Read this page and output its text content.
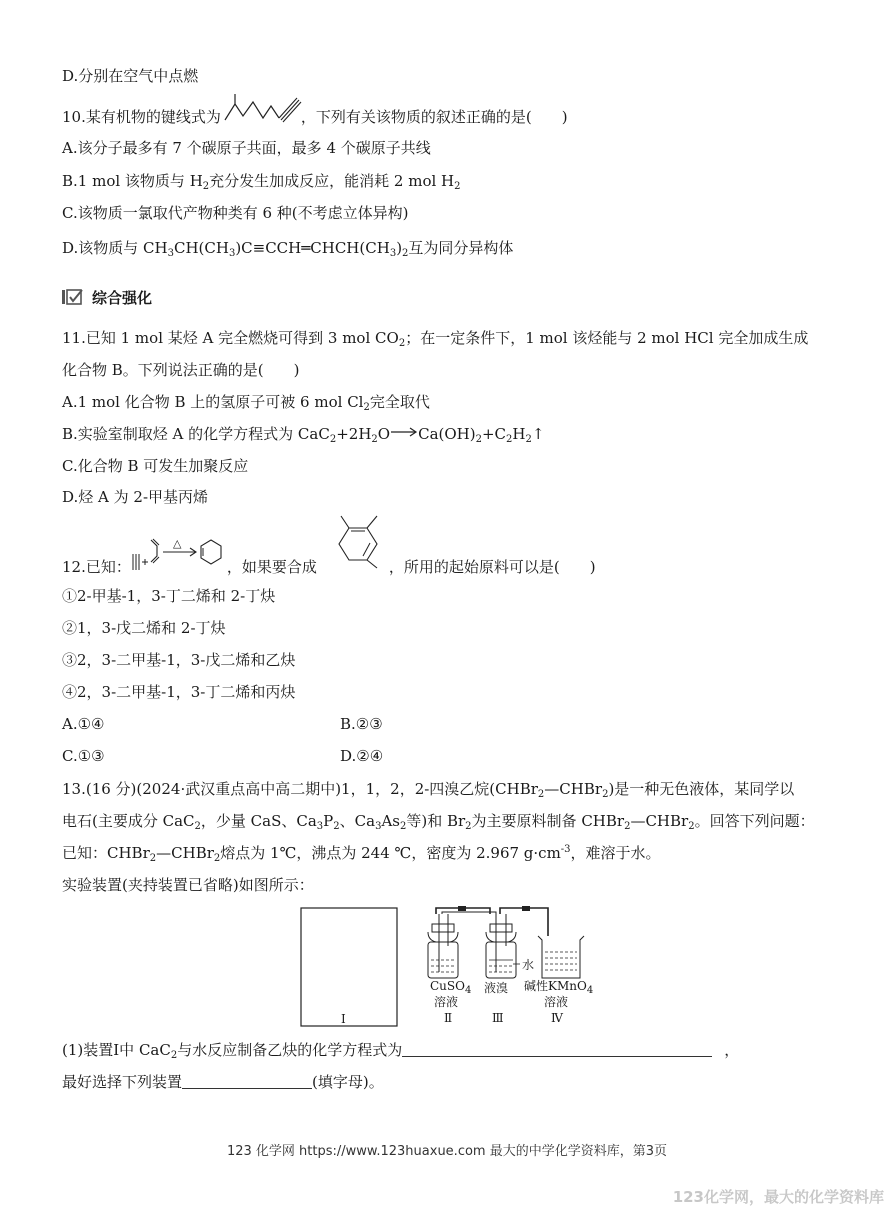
D.分别在空气中点燃
10.某有机物的键线式为	，下列有关该物质的叙述正确的是(　　)
A.该分子最多有 7 个碳原子共面，最多 4 个碳原子共线
B.1 mol 该物质与 $H_2$充分发生加成反应，能消耗 2 mol $H_2$
C.该物质一氯取代产物种类有 6 种(不考虑立体异构)
D.该物质与 $CH_3CH(CH_3)C\equiv CCH═CHCH(CH_3)_2$互为同分异构体
综合强化
11.已知 1 mol 某烃 A 完全燃烧可得到 3 mol $CO_2$；在一定条件下，1 mol 该烃能与 2 mol HCl 完全加成生成
化合物 B。下列说法正确的是(　　)
A.1 mol 化合物 B 上的氢原子可被 6 mol $Cl_2$完全取代
B.实验室制取烃 A 的化学方程式为 $CaC_2+2H_2O\to Ca(OH)_2+C_2H_2↑$
C.化合物 B 可发生加聚反应
D.烃 A 为 2-甲基丙烯
12.已知：
△
，如果要合成	，所用的起始原料可以是(　　)
①2-甲基-1，3-丁二烯和 2-丁炔
②1，3-戊二烯和 2-丁炔
③2，3-二甲基-1，3-戊二烯和乙炔
④2，3-二甲基-1，3-丁二烯和丙炔
A.①④	B.②③
C.①③	D.②④
13.(16 分)(2024·武汉重点高中高二期中)1，1，2，2-四溴乙烷(CHBr$_2$—CHBr$_2$)是一种无色液体，某同学以
电石(主要成分 CaC$_2$，少量 CaS、$Ca_3P_2$、$Ca_3As_2$等)和 $Br_2$为主要原料制备 CHBr$_2$—CHBr$_2$。回答下列问题：
已知：CHBr$_2$—CHBr$_2$熔点为 1℃，沸点为 244 ℃，密度为 2.967 $g\cdot cm^{-3}$，难溶于水。
实验装置(夹持装置已省略)如图所示：
Ⅰ
CuSO$_4$
溶液
Ⅱ
液溴
水
Ⅲ
碱性KMnO$_4$
溶液
Ⅳ
(1)装置Ⅰ中 CaC$_2$与水反应制备乙炔的化学方程式为	，
最好选择下列装置	(填字母)。
123 化学网 https://www.123huaxue.com 最大的中学化学资料库，第3页
123化学网，最大的化学资料库
